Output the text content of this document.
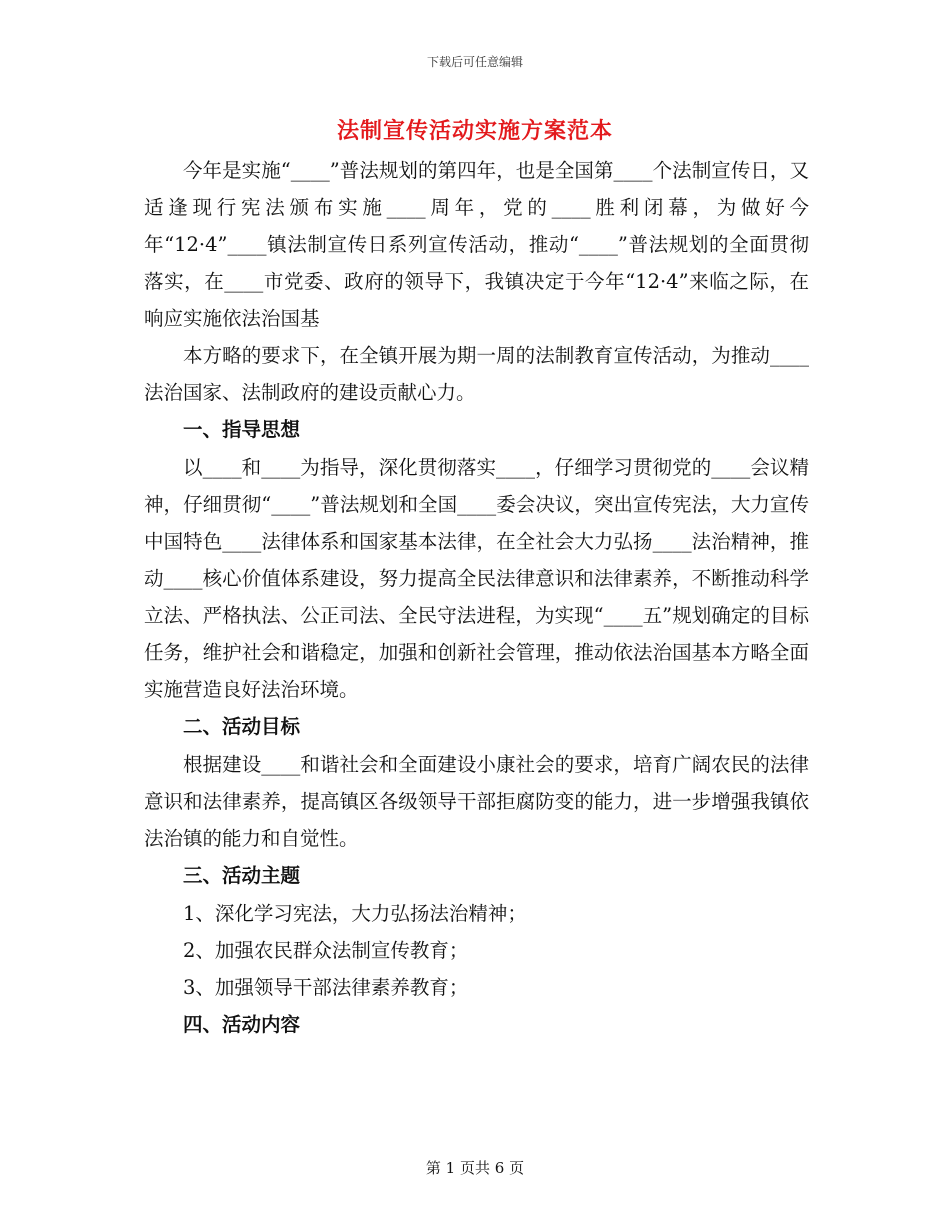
下载后可任意编辑
法制宣传活动实施方案范本

今年是实施“____”普法规划的第四年，也是全国第____个法制宣传日，又适逢现行宪法颁布实施____周年，党的____胜利闭幕，为做好今年“12·4”____镇法制宣传日系列宣传活动，推动“____”普法规划的全面贯彻落实，在____市党委、政府的领导下，我镇决定于今年“12·4”来临之际，在响应实施依法治国基

本方略的要求下，在全镇开展为期一周的法制教育宣传活动，为推动____法治国家、法制政府的建设贡献心力。

一、指导思想

以____和____为指导，深化贯彻落实____，仔细学习贯彻党的____会议精神，仔细贯彻“____”普法规划和全国____委会决议，突出宣传宪法，大力宣传中国特色____法律体系和国家基本法律，在全社会大力弘扬____法治精神，推动____核心价值体系建设，努力提高全民法律意识和法律素养，不断推动科学立法、严格执法、公正司法、全民守法进程，为实现“____五”规划确定的目标任务，维护社会和谐稳定，加强和创新社会管理，推动依法治国基本方略全面实施营造良好法治环境。

二、活动目标

根据建设____和谐社会和全面建设小康社会的要求，培育广阔农民的法律意识和法律素养，提高镇区各级领导干部拒腐防变的能力，进一步增强我镇依法治镇的能力和自觉性。

三、活动主题

1、深化学习宪法，大力弘扬法治精神；

2、加强农民群众法制宣传教育；

3、加强领导干部法律素养教育；

四、活动内容

第 1 页共 6 页
